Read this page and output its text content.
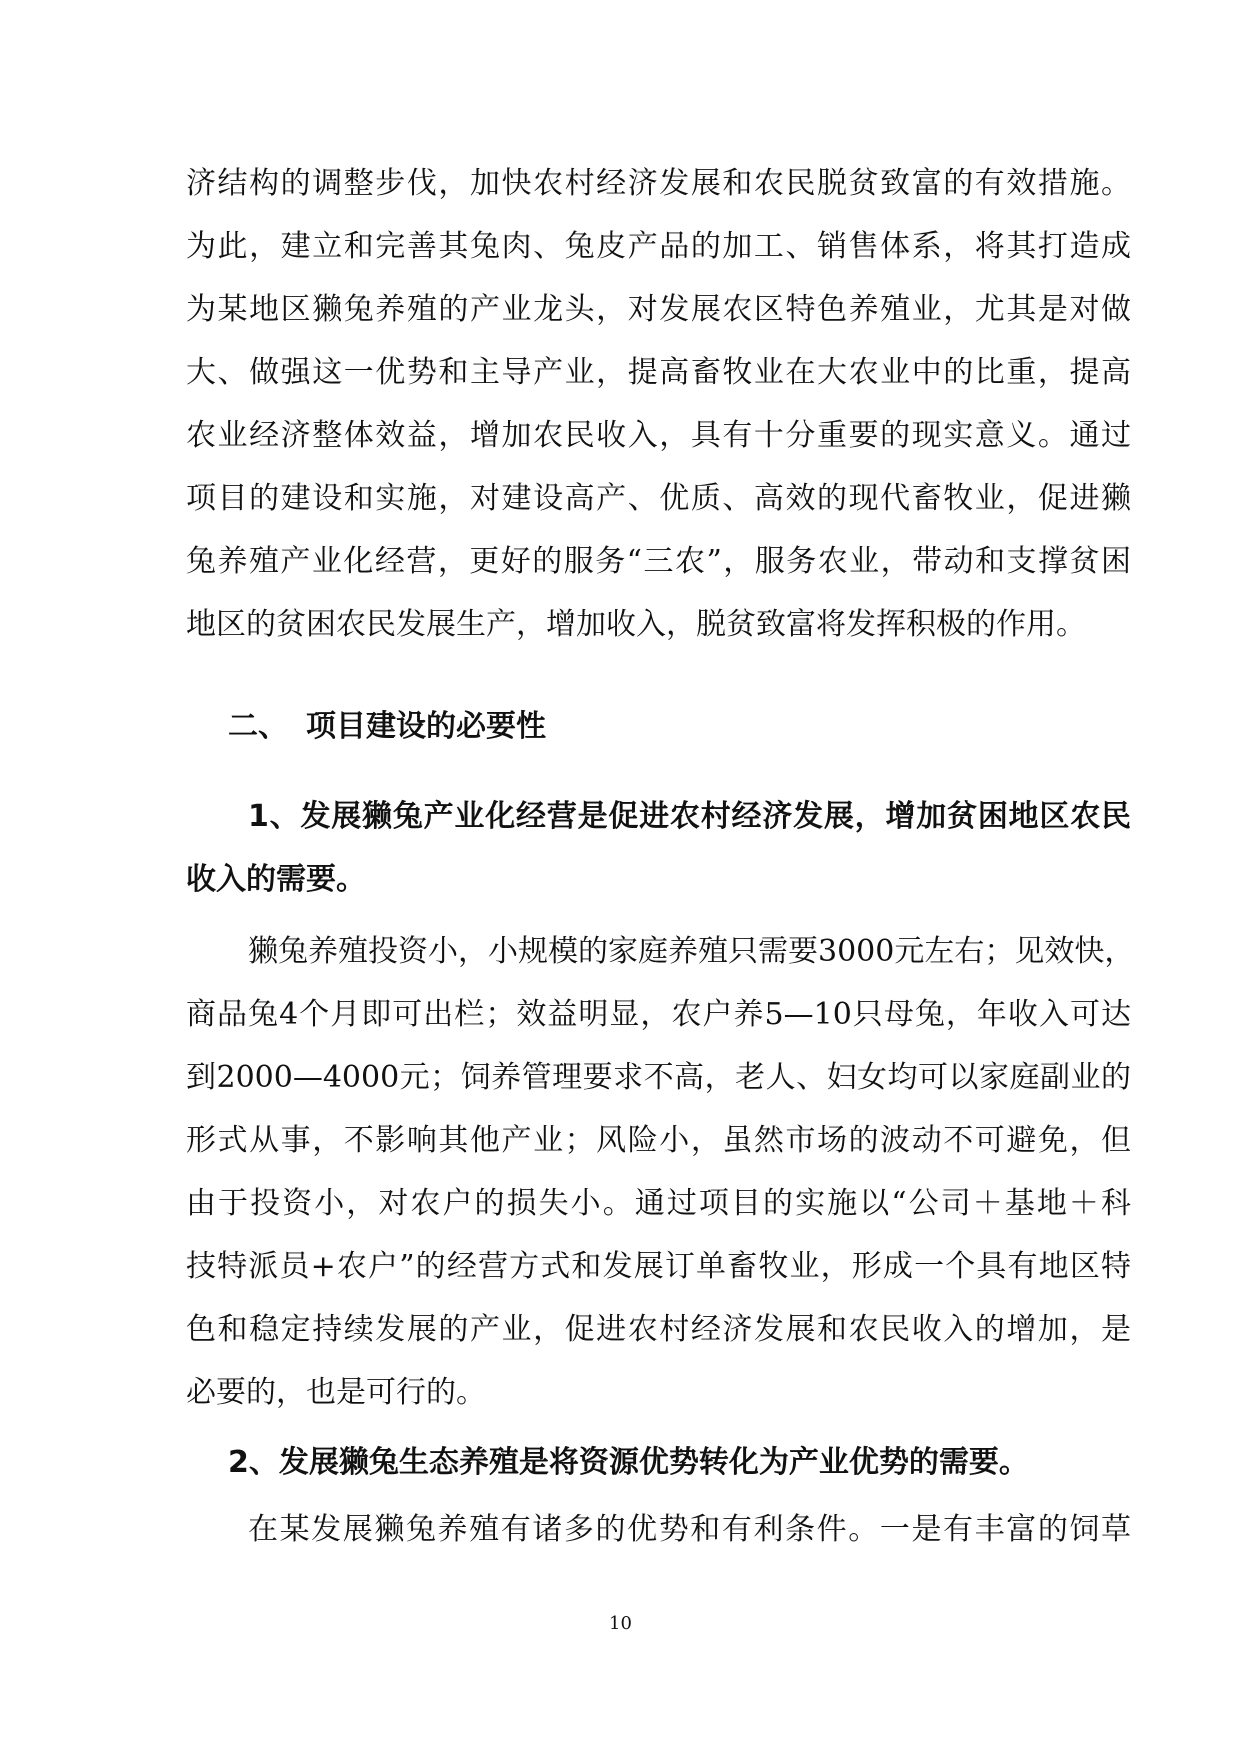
济结构的调整步伐，加快农村经济发展和农民脱贫致富的有效措施。
为此，建立和完善其兔肉、兔皮产品的加工、销售体系，将其打造成
为某地区獭兔养殖的产业龙头，对发展农区特色养殖业，尤其是对做
大、做强这一优势和主导产业，提高畜牧业在大农业中的比重，提高
农业经济整体效益，增加农民收入，具有十分重要的现实意义。通过
项目的建设和实施，对建设高产、优质、高效的现代畜牧业，促进獭
兔养殖产业化经营，更好的服务“三农”，服务农业，带动和支撑贫困
地区的贫困农民发展生产，增加收入，脱贫致富将发挥积极的作用。
二、 项目建设的必要性
1、发展獭兔产业化经营是促进农村经济发展，增加贫困地区农民
收入的需要。
獭兔养殖投资小，小规模的家庭养殖只需要3000元左右；见效快，
商品兔4个月即可出栏；效益明显，农户养5—10只母兔，年收入可达
到2000—4000元；饲养管理要求不高，老人、妇女均可以家庭副业的
形式从事，不影响其他产业；风险小，虽然市场的波动不可避免，但
由于投资小，对农户的损失小。通过项目的实施以“公司＋基地＋科
技特派员+农户”的经营方式和发展订单畜牧业，形成一个具有地区特
色和稳定持续发展的产业，促进农村经济发展和农民收入的增加，是
必要的，也是可行的。
2、发展獭兔生态养殖是将资源优势转化为产业优势的需要。
在某发展獭兔养殖有诸多的优势和有利条件。一是有丰富的饲草
10
